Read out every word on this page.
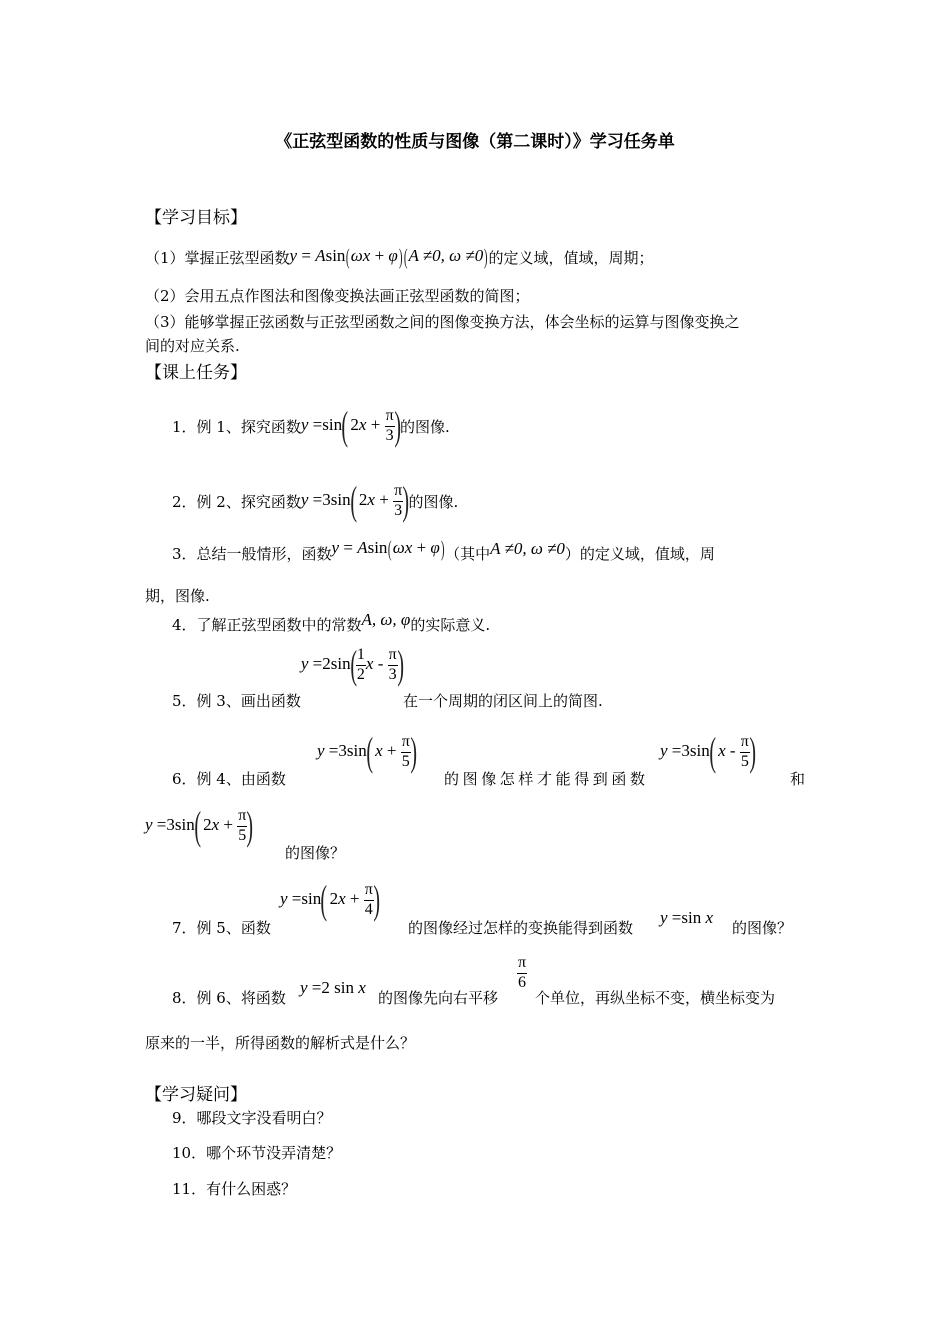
《正弦型函数的性质与图像（第二课时）》学习任务单
【学习目标】
（1）掌握正弦型函数 y = Asin(ωx + φ)(A ≠0, ω ≠0) 的定义域，值域，周期；
（2）会用五点作图法和图像变换法画正弦型函数的简图；
（3）能够掌握正弦函数与正弦型函数之间的图像变换方法，体会坐标的运算与图像变换之
间的对应关系.
【课上任务】
1．例 1、探究函数 y =sin( $2x + \frac{\pi}{3}$ ) 的图像.
2．例 2、探究函数 y =3sin( $2x + \frac{\pi}{3}$ ) 的图像.
3．总结一般情形，函数 y = Asin(ωx + φ) （其中 A ≠0, ω ≠0 ）的定义域，值域，周
期，图像.
4．了解正弦型函数中的常数 A, ω, φ 的实际意义.
5．例 3、画出函数
$y =2\sin( \frac{1}{2}$ x - $\frac{\pi}{3}$ )
在一个周期的闭区间上的简图.
6．例 4、由函数
y =3sin( $x + \frac{\pi}{5}$ )
的图像怎样才能得到函数
y =3sin( x - $\frac{\pi}{5}$ )
和
y =3sin( $2x + \frac{\pi}{5}$ )
的图像？
7．例 5、函数
y =sin( $2x + \frac{\pi}{4}$ )
的图像经过怎样的变换能得到函数
y =sin x
的图像？
8．例 6、将函数
y =2 sin x
的图像先向右平移
$\frac{\pi}{6}$
个单位，再纵坐标不变，横坐标变为
原来的一半，所得函数的解析式是什么？
【学习疑问】
9．哪段文字没看明白？
10．哪个环节没弄清楚？
11．有什么困惑？
